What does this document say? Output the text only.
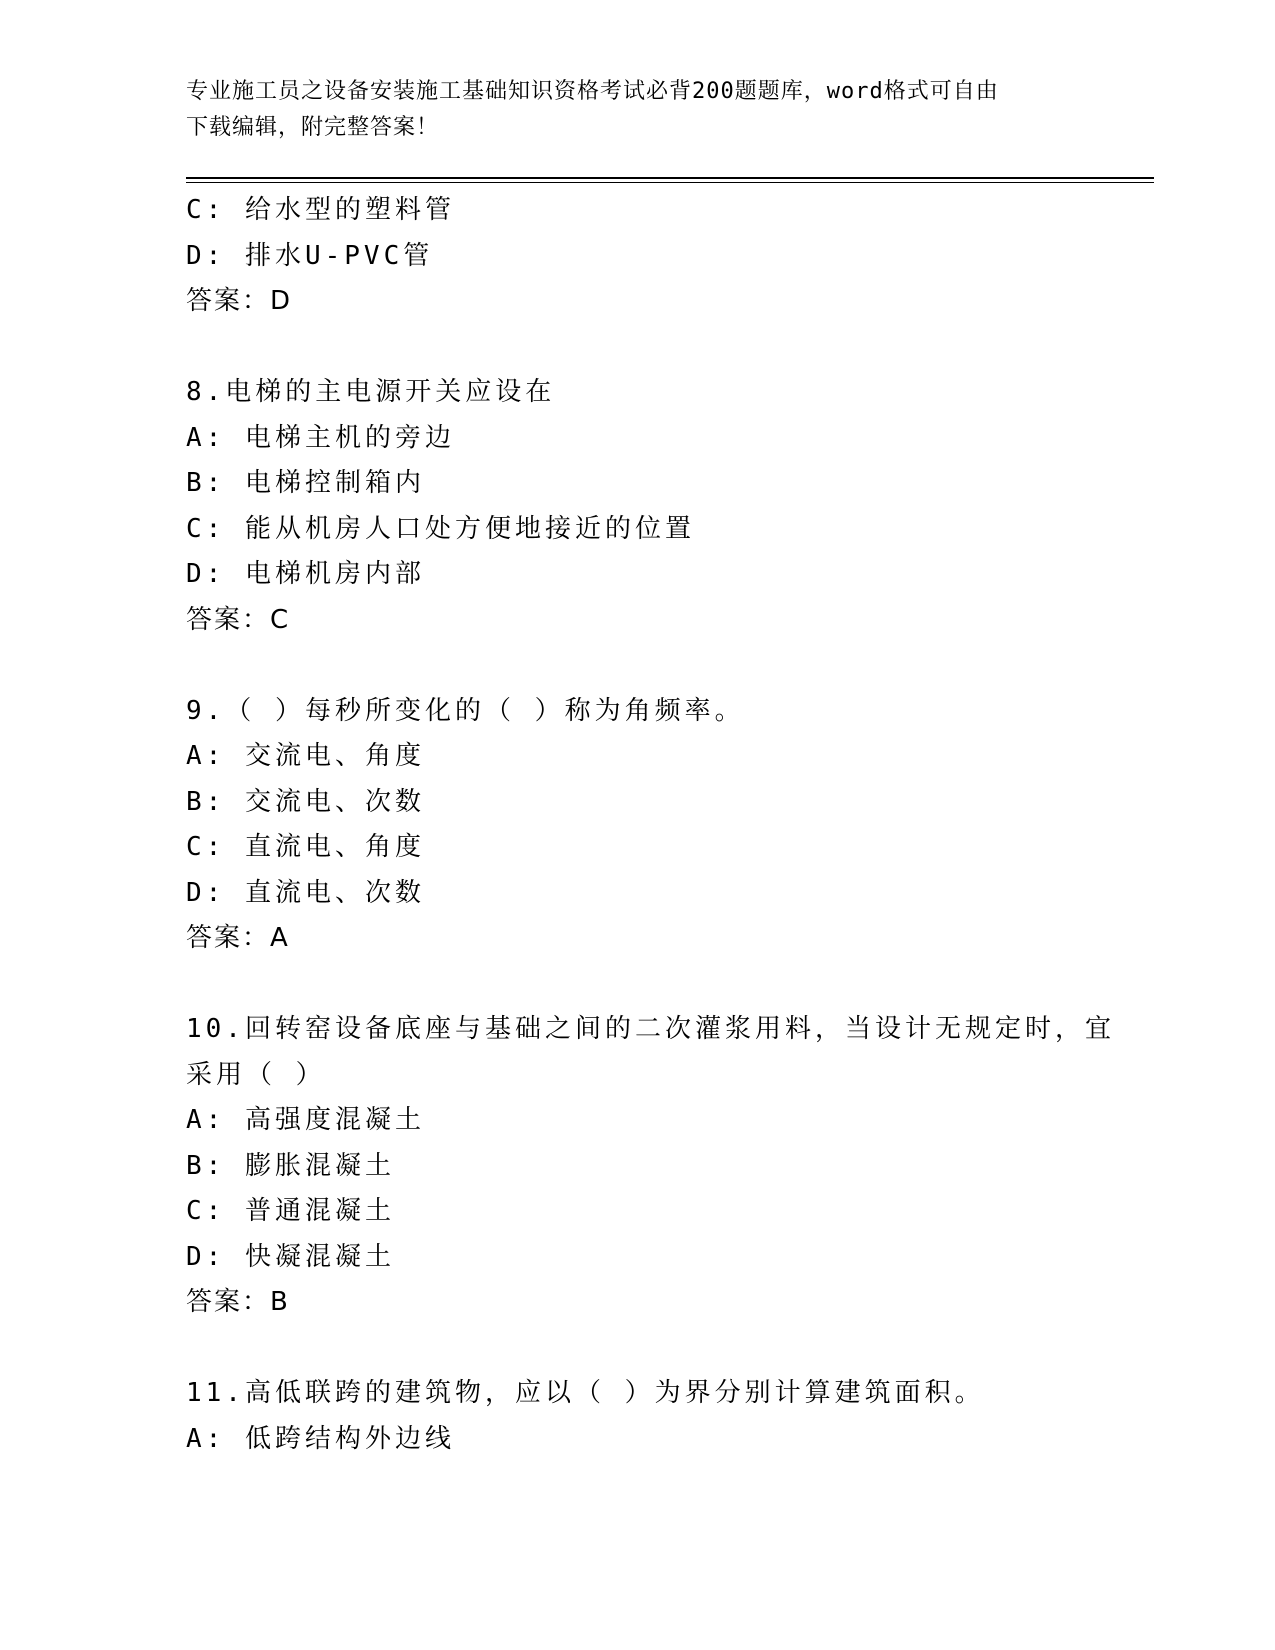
专业施工员之设备安装施工基础知识资格考试必背200题题库，word格式可自由
下载编辑，附完整答案！
C: 给水型的塑料管
D: 排水U-PVC管
答案：D
8.电梯的主电源开关应设在
A: 电梯主机的旁边
B: 电梯控制箱内
C: 能从机房人口处方便地接近的位置
D: 电梯机房内部
答案：C
9.（ ）每秒所变化的（ ）称为角频率。
A: 交流电、角度
B: 交流电、次数
C: 直流电、角度
D: 直流电、次数
答案：A
10.回转窑设备底座与基础之间的二次灌浆用料，当设计无规定时，宜
采用（ ）
A: 高强度混凝土
B: 膨胀混凝土
C: 普通混凝土
D: 快凝混凝土
答案：B
11.高低联跨的建筑物，应以（ ）为界分别计算建筑面积。
A: 低跨结构外边线
